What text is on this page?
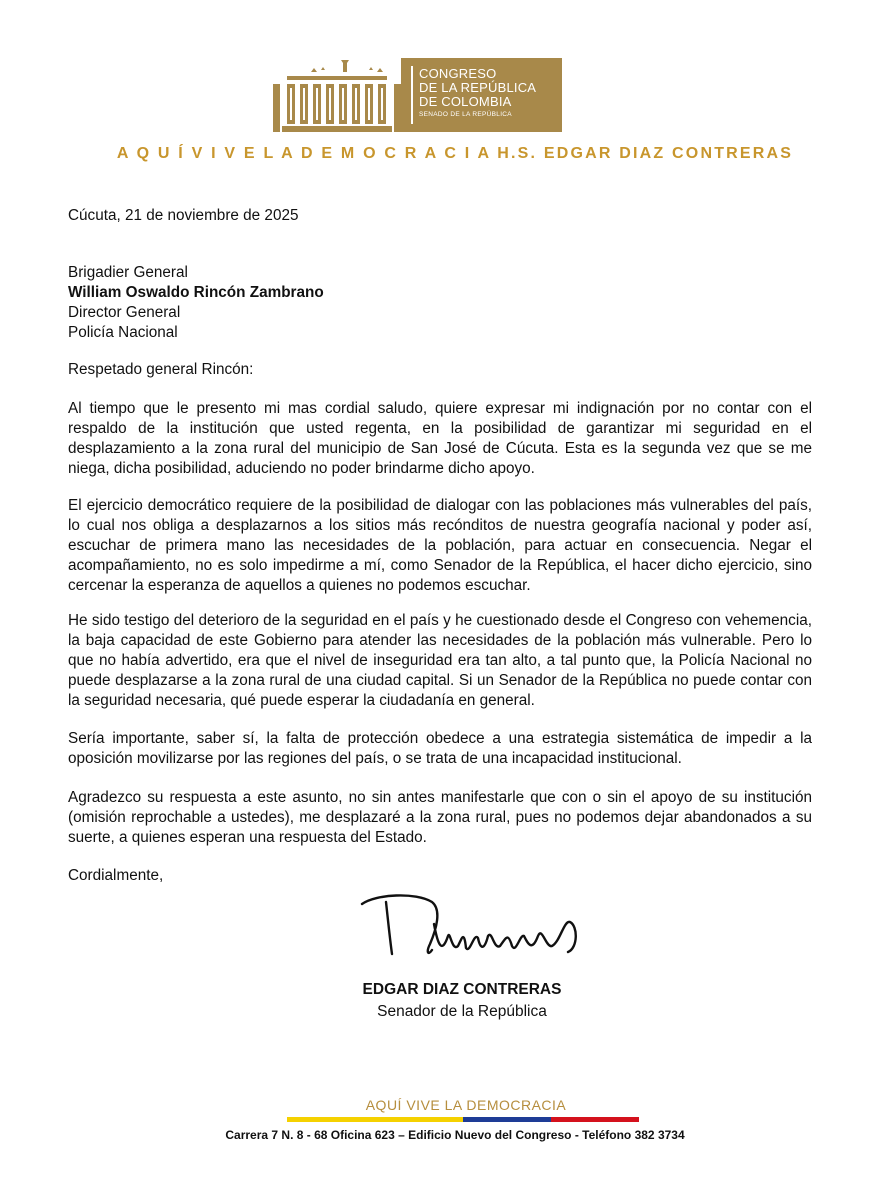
CONGRESO
DE LA REPÚBLICA
DE COLOMBIA
SENADO DE LA REPÚBLICA
A Q U Í V I V E L A D E M O C R A C I A H.S. EDGAR DIAZ CONTRERAS
Cúcuta, 21 de noviembre de 2025
Brigadier General
William Oswaldo Rincón Zambrano
Director General
Policía Nacional
Respetado general Rincón:
Al tiempo que le presento mi mas cordial saludo, quiere expresar mi indignación por no contar con el respaldo de la institución que usted regenta, en la posibilidad de garantizar mi seguridad en el desplazamiento a la zona rural del municipio de San José de Cúcuta. Esta es la segunda vez que se me niega, dicha posibilidad, aduciendo no poder brindarme dicho apoyo.
El ejercicio democrático requiere de la posibilidad de dialogar con las poblaciones más vulnerables del país, lo cual nos obliga a desplazarnos a los sitios más recónditos de nuestra geografía nacional y poder así, escuchar de primera mano las necesidades de la población, para actuar en consecuencia. Negar el acompañamiento, no es solo impedirme a mí, como Senador de la República, el hacer dicho ejercicio, sino cercenar la esperanza de aquellos a quienes no podemos escuchar.
He sido testigo del deterioro de la seguridad en el país y he cuestionado desde el Congreso con vehemencia, la baja capacidad de este Gobierno para atender las necesidades de la población más vulnerable. Pero lo que no había advertido, era que el nivel de inseguridad era tan alto, a tal punto que, la Policía Nacional no puede desplazarse a la zona rural de una ciudad capital. Si un Senador de la República no puede contar con la seguridad necesaria, qué puede esperar la ciudadanía en general.
Sería importante, saber sí, la falta de protección obedece a una estrategia sistemática de impedir a la oposición movilizarse por las regiones del país, o se trata de una incapacidad institucional.
Agradezco su respuesta a este asunto, no sin antes manifestarle que con o sin el apoyo de su institución (omisión reprochable a ustedes), me desplazaré a la zona rural, pues no podemos dejar abandonados a su suerte, a quienes esperan una respuesta del Estado.
Cordialmente,
EDGAR DIAZ CONTRERAS
Senador de la República
AQUÍ VIVE LA DEMOCRACIA
Carrera 7 N. 8 - 68 Oficina 623 – Edificio Nuevo del Congreso - Teléfono 382 3734
